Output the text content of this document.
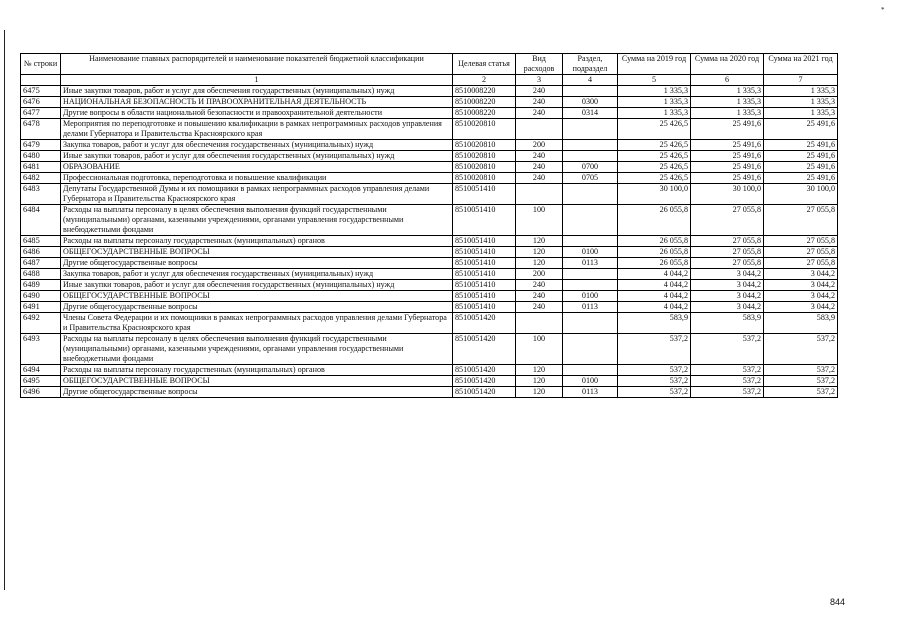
*
№ строки	Наименование главных распорядителей и наименование показателей бюджетной классификации	Целевая статья	Вид расходов	Раздел, подраздел	Сумма на 2019 год	Сумма на 2020 год	Сумма на 2021 год
	1	2	3	4	5	6	7
6475	Иные закупки товаров, работ и услуг для обеспечения государственных (муниципальных) нужд	8510008220	240		1 335,3	1 335,3	1 335,3
6476	НАЦИОНАЛЬНАЯ БЕЗОПАСНОСТЬ И ПРАВООХРАНИТЕЛЬНАЯ ДЕЯТЕЛЬНОСТЬ	8510008220	240	0300	1 335,3	1 335,3	1 335,3
6477	Другие вопросы в области национальной безопасности и правоохранительной деятельности	8510008220	240	0314	1 335,3	1 335,3	1 335,3
6478	Мероприятия по переподготовке и повышению квалификации в рамках непрограммных расходов управления делами Губернатора и Правительства Красноярского края	8510020810			25 426,5	25 491,6	25 491,6
6479	Закупка товаров, работ и услуг для обеспечения государственных (муниципальных) нужд	8510020810	200		25 426,5	25 491,6	25 491,6
6480	Иные закупки товаров, работ и услуг для обеспечения государственных (муниципальных) нужд	8510020810	240		25 426,5	25 491,6	25 491,6
6481	ОБРАЗОВАНИЕ	8510020810	240	0700	25 426,5	25 491,6	25 491,6
6482	Профессиональная подготовка, переподготовка и повышение квалификации	8510020810	240	0705	25 426,5	25 491,6	25 491,6
6483	Депутаты Государственной Думы и их помощники в рамках непрограммных расходов управления делами Губернатора и Правительства Красноярского края	8510051410			30 100,0	30 100,0	30 100,0
6484	Расходы на выплаты персоналу в целях обеспечения выполнения функций государственными (муниципальными) органами, казенными учреждениями, органами управления государственными внебюджетными фондами	8510051410	100		26 055,8	27 055,8	27 055,8
6485	Расходы на выплаты персоналу государственных (муниципальных) органов	8510051410	120		26 055,8	27 055,8	27 055,8
6486	ОБЩЕГОСУДАРСТВЕННЫЕ ВОПРОСЫ	8510051410	120	0100	26 055,8	27 055,8	27 055,8
6487	Другие общегосударственные вопросы	8510051410	120	0113	26 055,8	27 055,8	27 055,8
6488	Закупка товаров, работ и услуг для обеспечения государственных (муниципальных) нужд	8510051410	200		4 044,2	3 044,2	3 044,2
6489	Иные закупки товаров, работ и услуг для обеспечения государственных (муниципальных) нужд	8510051410	240		4 044,2	3 044,2	3 044,2
6490	ОБЩЕГОСУДАРСТВЕННЫЕ ВОПРОСЫ	8510051410	240	0100	4 044,2	3 044,2	3 044,2
6491	Другие общегосударственные вопросы	8510051410	240	0113	4 044,2	3 044,2	3 044,2
6492	Члены Совета Федерации и их помощники в рамках непрограммных расходов управления делами Губернатора и Правительства Красноярского края	8510051420			583,9	583,9	583,9
6493	Расходы на выплаты персоналу в целях обеспечения выполнения функций государственными (муниципальными) органами, казенными учреждениями, органами управления государственными внебюджетными фондами	8510051420	100		537,2	537,2	537,2
6494	Расходы на выплаты персоналу государственных (муниципальных) органов	8510051420	120		537,2	537,2	537,2
6495	ОБЩЕГОСУДАРСТВЕННЫЕ ВОПРОСЫ	8510051420	120	0100	537,2	537,2	537,2
6496	Другие общегосударственные вопросы	8510051420	120	0113	537,2	537,2	537,2
844
